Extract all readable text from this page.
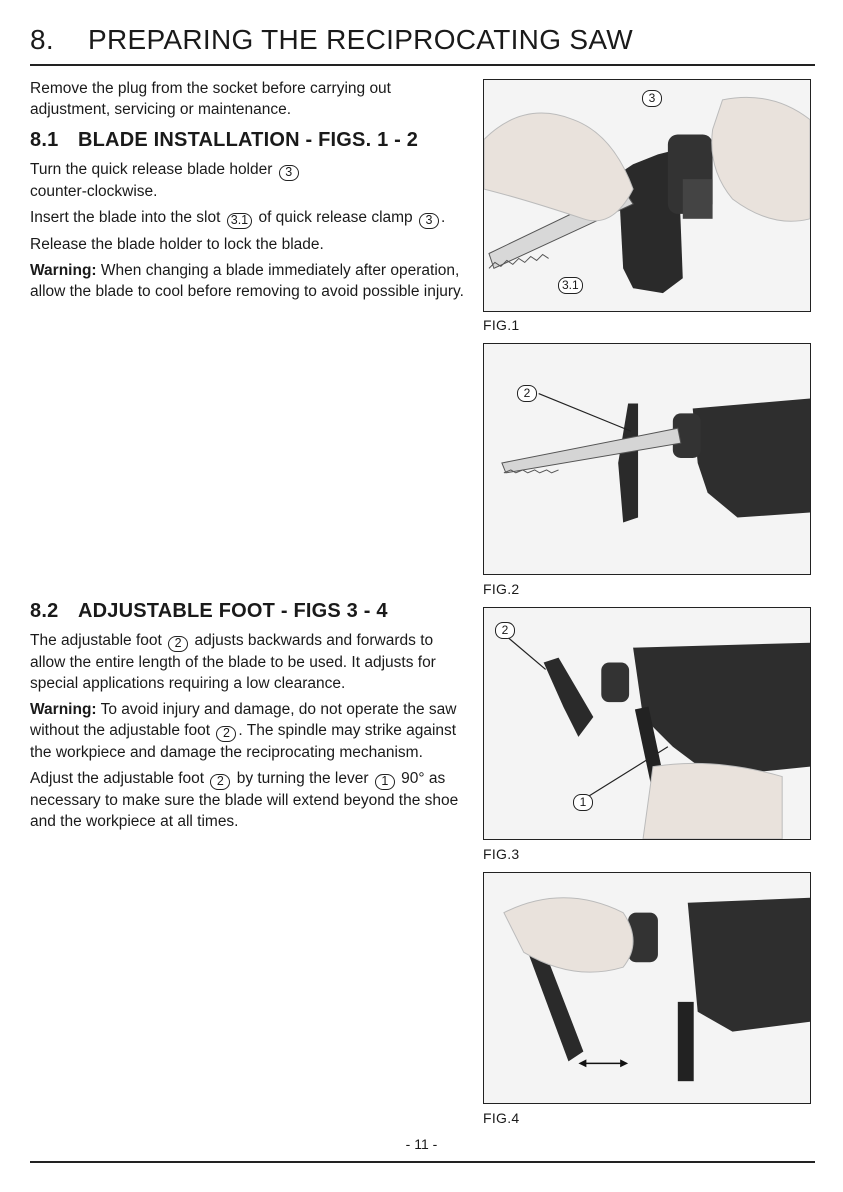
8. PREPARING THE RECIPROCATING SAW

Remove the plug from the socket before carrying out adjustment, servicing or maintenance.

8.1 BLADE INSTALLATION - FIGS. 1 - 2

Turn the quick release blade holder 3
counter-clockwise.

Insert the blade into the slot 3.1 of quick release clamp 3 .

Release the blade holder to lock the blade.

Warning: When changing a blade immediately after operation, allow the blade to cool before removing to avoid possible injury.

8.2 ADJUSTABLE FOOT - FIGS 3 - 4

The adjustable foot 2 adjusts backwards and forwards to allow the entire length of the blade to be used. It adjusts for special applications requiring a low clearance.

Warning: To avoid injury and damage, do not operate the saw without the adjustable foot 2 . The spindle may strike against the workpiece and damage the reciprocating mechanism.

Adjust the adjustable foot 2 by turning the lever 1 90° as necessary to make sure the blade will extend beyond the shoe and the workpiece at all times.

3
3.1
FIG.1
2
FIG.2
2
1
FIG.3
FIG.4
- 11 -
